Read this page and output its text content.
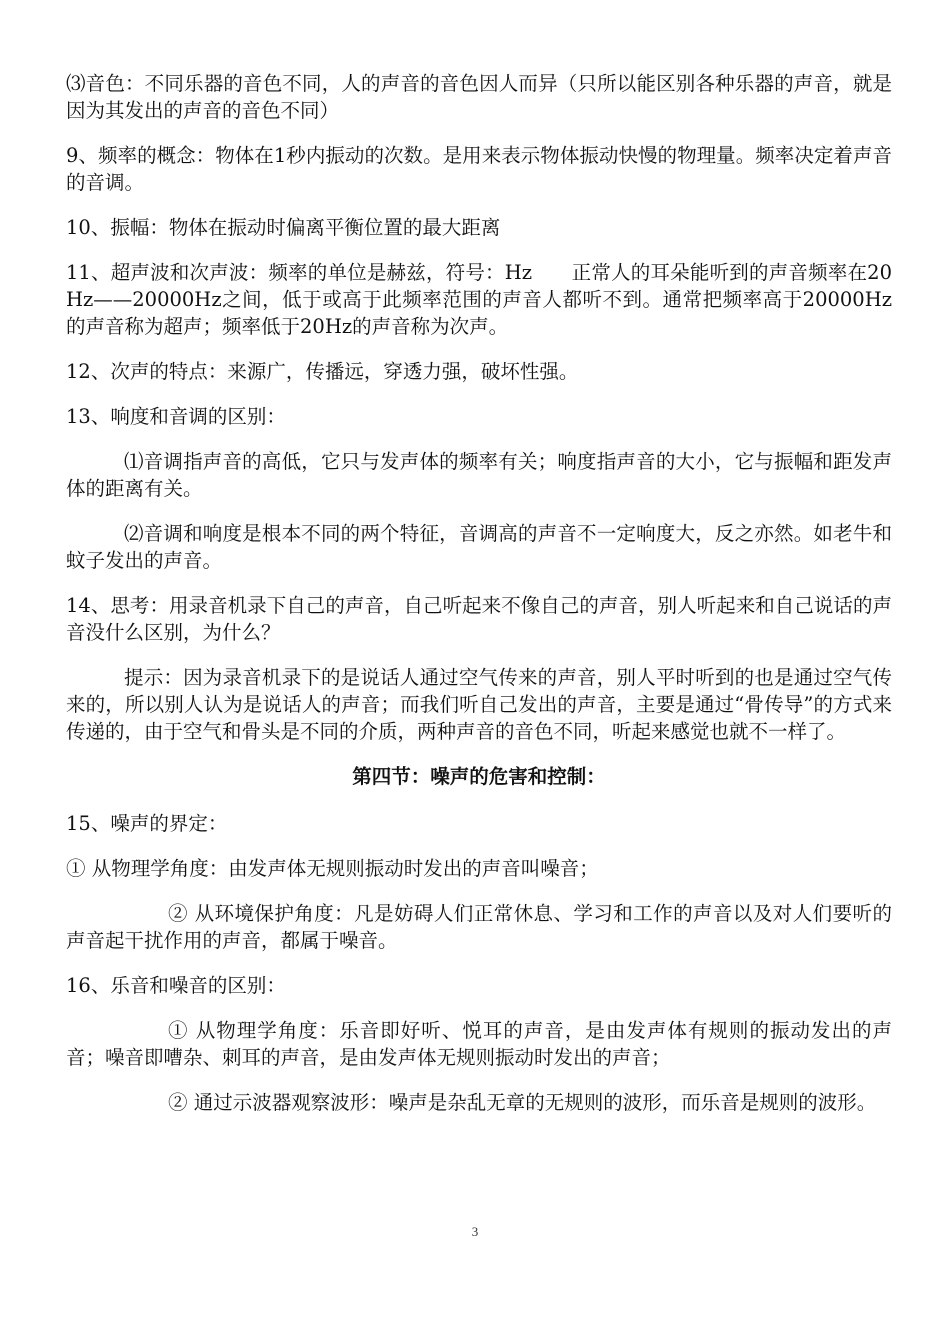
⑶音色：不同乐器的音色不同，人的声音的音色因人而异（只所以能区别各种乐器的声音，就是因为其发出的声音的音色不同）

9、频率的概念：物体在1秒内振动的次数。是用来表示物体振动快慢的物理量。频率决定着声音的音调。

10、振幅：物体在振动时偏离平衡位置的最大距离

11、超声波和次声波：频率的单位是赫兹，符号：Hz　　正常人的耳朵能听到的声音频率在20Hz——20000Hz之间，低于或高于此频率范围的声音人都听不到。通常把频率高于20000Hz的声音称为超声；频率低于20Hz的声音称为次声。

12、次声的特点：来源广，传播远，穿透力强，破坏性强。

13、响度和音调的区别：

⑴音调指声音的高低，它只与发声体的频率有关；响度指声音的大小，它与振幅和距发声体的距离有关。

⑵音调和响度是根本不同的两个特征，音调高的声音不一定响度大，反之亦然。如老牛和蚊子发出的声音。

14、思考：用录音机录下自己的声音，自己听起来不像自己的声音，别人听起来和自己说话的声音没什么区别，为什么？

提示：因为录音机录下的是说话人通过空气传来的声音，别人平时听到的也是通过空气传来的，所以别人认为是说话人的声音；而我们听自己发出的声音，主要是通过“骨传导”的方式来传递的，由于空气和骨头是不同的介质，两种声音的音色不同，听起来感觉也就不一样了。

第四节：噪声的危害和控制：

15、噪声的界定：

① 从物理学角度：由发声体无规则振动时发出的声音叫噪音；

② 从环境保护角度：凡是妨碍人们正常休息、学习和工作的声音以及对人们要听的声音起干扰作用的声音，都属于噪音。

16、乐音和噪音的区别：

① 从物理学角度：乐音即好听、悦耳的声音，是由发声体有规则的振动发出的声音；噪音即嘈杂、刺耳的声音，是由发声体无规则振动时发出的声音；

② 通过示波器观察波形：噪声是杂乱无章的无规则的波形，而乐音是规则的波形。

3
